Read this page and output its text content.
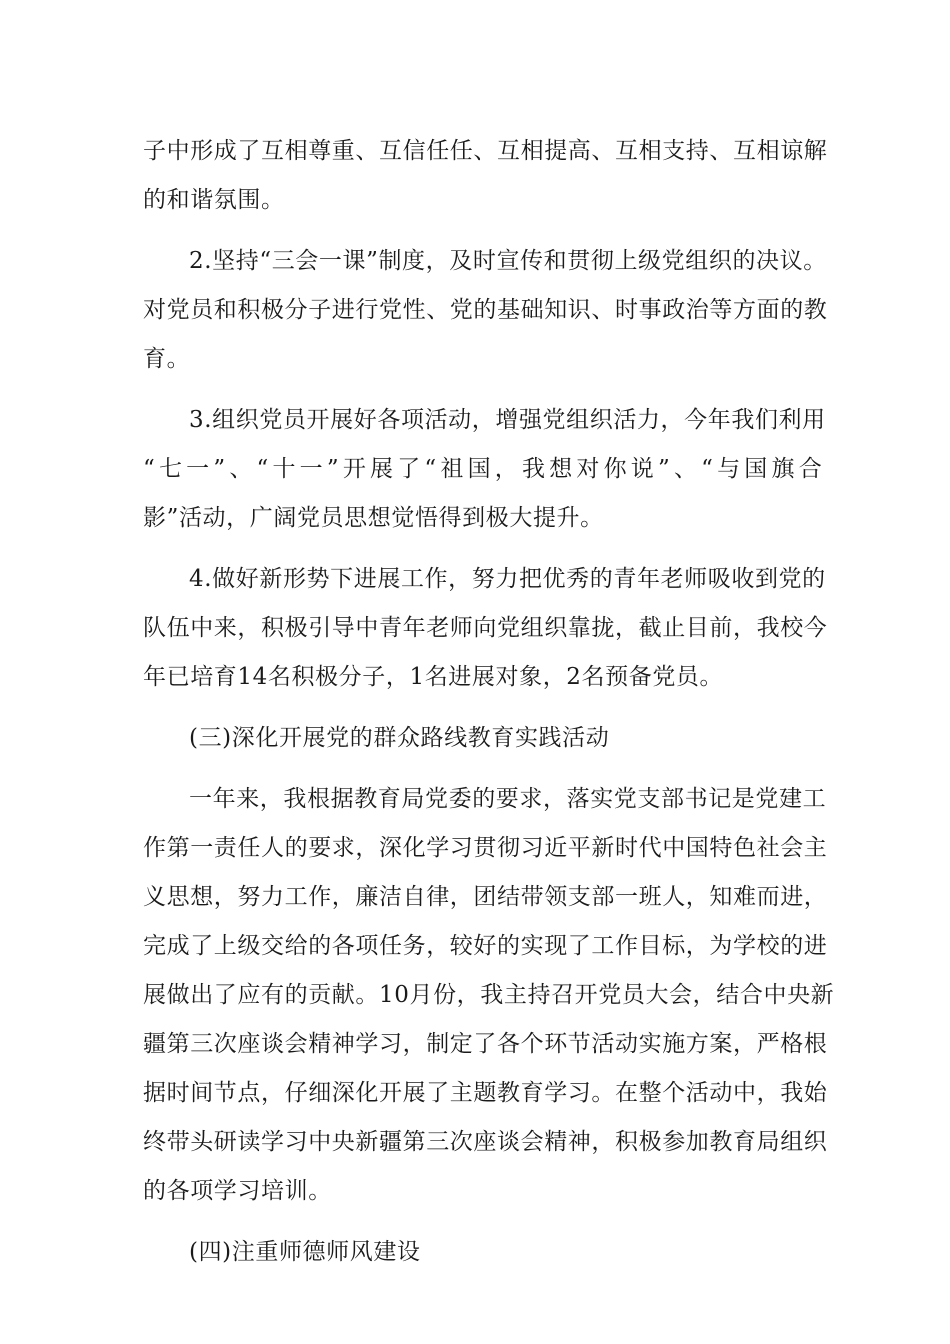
子中形成了互相尊重、互信任任、互相提高、互相支持、互相谅解
的和谐氛围。

2.坚持“三会一课”制度，及时宣传和贯彻上级党组织的决议。
对党员和积极分子进行党性、党的基础知识、时事政治等方面的教
育。

3.组织党员开展好各项活动，增强党组织活力，今年我们利用
“七一”、“十一”开展了“祖国，我想对你说”、“与国旗合
影”活动，广阔党员思想觉悟得到极大提升。

4.做好新形势下进展工作，努力把优秀的青年老师吸收到党的
队伍中来，积极引导中青年老师向党组织靠拢，截止目前，我校今
年已培育14名积极分子，1名进展对象，2名预备党员。

(三)深化开展党的群众路线教育实践活动

一年来，我根据教育局党委的要求，落实党支部书记是党建工
作第一责任人的要求，深化学习贯彻习近平新时代中国特色社会主
义思想，努力工作，廉洁自律，团结带领支部一班人，知难而进，
完成了上级交给的各项任务，较好的实现了工作目标，为学校的进
展做出了应有的贡献。10月份，我主持召开党员大会，结合中央新
疆第三次座谈会精神学习，制定了各个环节活动实施方案，严格根
据时间节点，仔细深化开展了主题教育学习。在整个活动中，我始
终带头研读学习中央新疆第三次座谈会精神，积极参加教育局组织
的各项学习培训。

(四)注重师德师风建设
